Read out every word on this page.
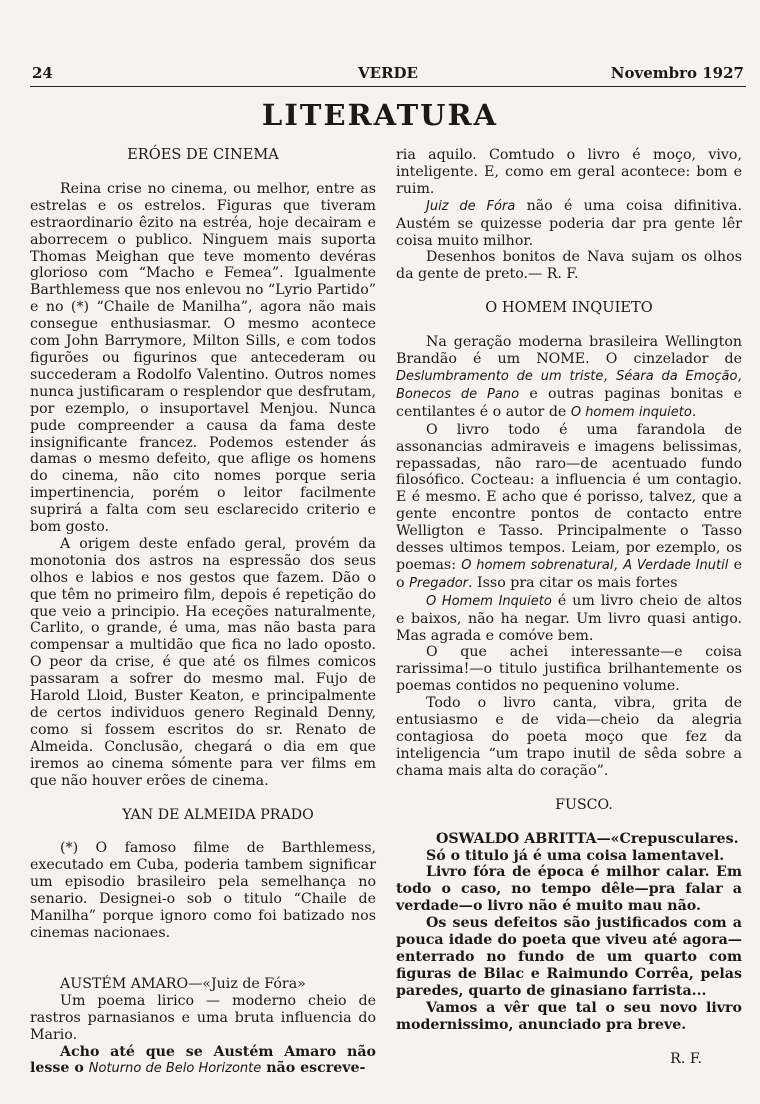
24	VERDE	Novembro 1927
LITERATURA
ERÓES DE CINEMA

Reina crise no cinema, ou melhor, entre as estrelas e os estrelos. Figuras que tiveram estraordinario êzito na estréa, hoje decairam e aborrecem o publico. Ninguem mais suporta Thomas Meighan que teve momento devéras glorioso com “Macho e Femea”. Igualmente Barthlemess que nos enlevou no “Lyrio Partido” e no (*) “Chaile de Manilha”, agora não mais consegue enthusiasmar. O mesmo acontece com John Barrymore, Milton Sills, e com todos figurões ou figurinos que antecederam ou succederam a Rodolfo Valentino. Outros nomes nunca justificaram o resplendor que desfrutam, por ezemplo, o insuportavel Menjou. Nunca pude compreender a causa da fama deste insignificante francez. Podemos estender ás damas o mesmo defeito, que aflige os homens do cinema, não cito nomes porque seria impertinencia, porém o leitor facilmente suprirá a falta com seu esclarecido criterio e bom gosto.

A origem deste enfado geral, provém da monotonia dos astros na espressão dos seus olhos e labios e nos gestos que fazem. Dão o que têm no primeiro film, depois é repetição do que veio a principio. Ha eceções naturalmente, Carlito, o grande, é uma, mas não basta para compensar a multidão que fica no lado oposto. O peor da crise, é que até os filmes comicos passaram a sofrer do mesmo mal. Fujo de Harold Lloid, Buster Keaton, e principalmente de certos individuos genero Reginald Denny, como si fossem escritos do sr. Renato de Almeida. Conclusão, chegará o dia em que iremos ao cinema sómente para ver films em que não houver erões de cinema.

YAN DE ALMEIDA PRADO

(*) O famoso filme de Barthlemess, executado em Cuba, poderia tambem significar um episodio brasileiro pela semelhança no senario. Designei-o sob o titulo “Chaile de Manilha” porque ignoro como foi batizado nos cinemas nacionaes.

AUSTÉM AMARO—«Juiz de Fóra»

Um poema lirico — moderno cheio de rastros parnasianos e uma bruta influencia do Mario.

Acho até que se Austém Amaro não lesse o Noturno de Belo Horizonte não escreve-

ria aquilo. Comtudo o livro é moço, vivo, inteligente. E, como em geral acontece: bom e ruim.

Juiz de Fóra não é uma coisa difinitiva. Austém se quizesse poderia dar pra gente lêr coisa muito milhor.

Desenhos bonitos de Nava sujam os olhos da gente de preto.— R. F.

O HOMEM INQUIETO

Na geração moderna brasileira Wellington Brandão é um NOME. O cinzelador de Deslumbramento de um triste, Séara da Emoção, Bonecos de Pano e outras paginas bonitas e centilantes é o autor de O homem inquieto.

O livro todo é uma farandola de assonancias admiraveis e imagens belissimas, repassadas, não raro—de acentuado fundo filosófico. Cocteau: a influencia é um contagio. E é mesmo. E acho que é porisso, talvez, que a gente encontre pontos de contacto entre Welligton e Tasso. Principalmente o Tasso desses ultimos tempos. Leiam, por ezemplo, os poemas: O homem sobrenatural, A Verdade Inutil e o Pregador. Isso pra citar os mais fortes

O Homem Inquieto é um livro cheio de altos e baixos, não ha negar. Um livro quasi antigo. Mas agrada e comóve bem.

O que achei interessante—e coisa rarissima!—o titulo justifica brilhantemente os poemas contidos no pequenino volume.

Todo o livro canta, vibra, grita de entusiasmo e de vida—cheio da alegria contagiosa do poeta moço que fez da inteligencia “um trapo inutil de sêda sobre a chama mais alta do coração”.

FUSCO.

OSWALDO ABRITTA—«Crepusculares.

Só o titulo já é uma coisa lamentavel.

Livro fóra de época é milhor calar. Em todo o caso, no tempo dêle—pra falar a verdade—o livro não é muito mau não.

Os seus defeitos são justificados com a pouca idade do poeta que viveu até agora—enterrado no fundo de um quarto com figuras de Bilac e Raimundo Corrêa, pelas paredes, quarto de ginasiano farrista...

Vamos a vêr que tal o seu novo livro modernissimo, anunciado pra breve.

R. F.
